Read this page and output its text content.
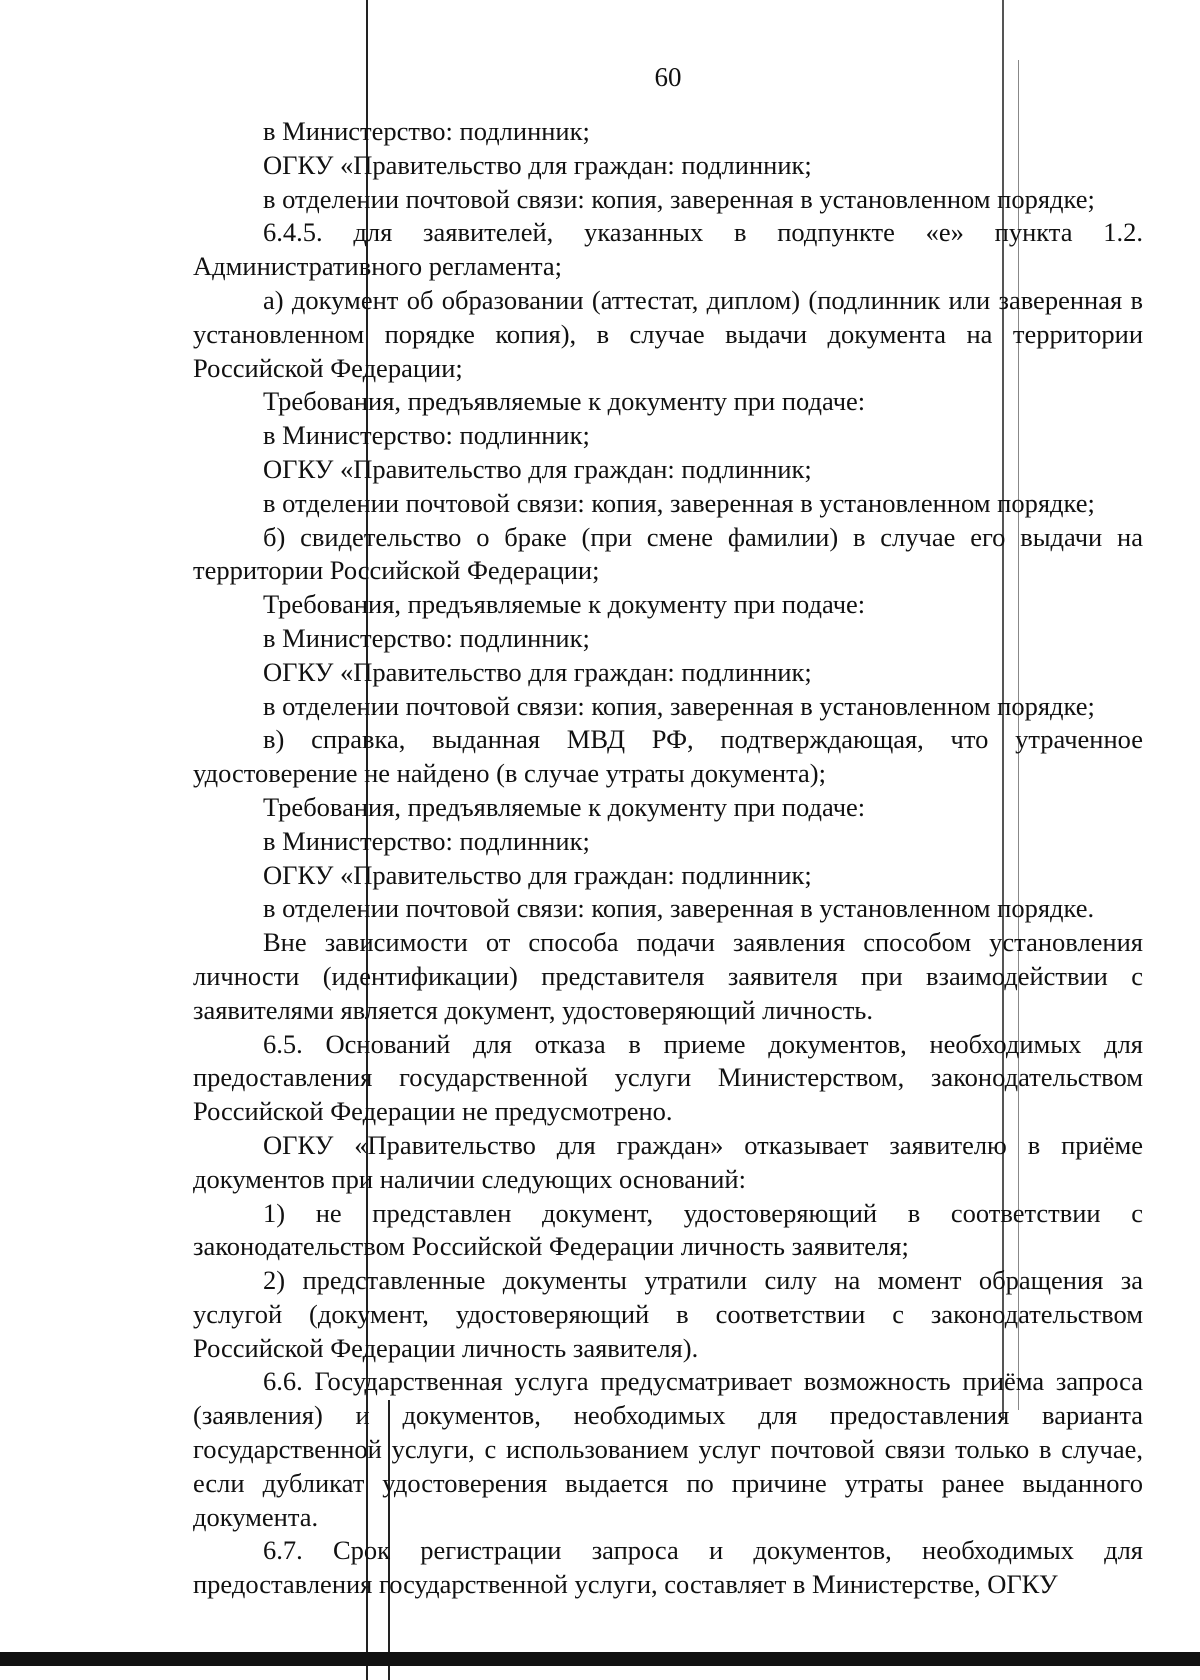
60

в Министерство: подлинник;

ОГКУ «Правительство для граждан: подлинник;

в отделении почтовой связи: копия, заверенная в установленном порядке;

6.4.5. для заявителей, указанных в подпункте «е» пункта 1.2. Административного регламента;

а) документ об образовании (аттестат, диплом) (подлинник или заверенная в установленном порядке копия), в случае выдачи документа на территории Российской Федерации;

Требования, предъявляемые к документу при подаче:

в Министерство: подлинник;

ОГКУ «Правительство для граждан: подлинник;

в отделении почтовой связи: копия, заверенная в установленном порядке;

б) свидетельство о браке (при смене фамилии) в случае его выдачи на территории Российской Федерации;

Требования, предъявляемые к документу при подаче:

в Министерство: подлинник;

ОГКУ «Правительство для граждан: подлинник;

в отделении почтовой связи: копия, заверенная в установленном порядке;

в) справка, выданная МВД РФ, подтверждающая, что утраченное удостоверение не найдено (в случае утраты документа);

Требования, предъявляемые к документу при подаче:

в Министерство: подлинник;

ОГКУ «Правительство для граждан: подлинник;

в отделении почтовой связи: копия, заверенная в установленном порядке.

Вне зависимости от способа подачи заявления способом установления личности (идентификации) представителя заявителя при взаимодействии с заявителями является документ, удостоверяющий личность.

6.5. Оснований для отказа в приеме документов, необходимых для предоставления государственной услуги Министерством, законодательством Российской Федерации не предусмотрено.

ОГКУ «Правительство для граждан» отказывает заявителю в приёме документов при наличии следующих оснований:

1) не представлен документ, удостоверяющий в соответствии с законодательством Российской Федерации личность заявителя;

2) представленные документы утратили силу на момент обращения за услугой (документ, удостоверяющий в соответствии с законодательством Российской Федерации личность заявителя).

6.6. Государственная услуга предусматривает возможность приёма запроса (заявления) и документов, необходимых для предоставления варианта государственной услуги, с использованием услуг почтовой связи только в случае, если дубликат удостоверения выдается по причине утраты ранее выданного документа.

6.7. Срок регистрации запроса и документов, необходимых для предоставления государственной услуги, составляет в Министерстве, ОГКУ
